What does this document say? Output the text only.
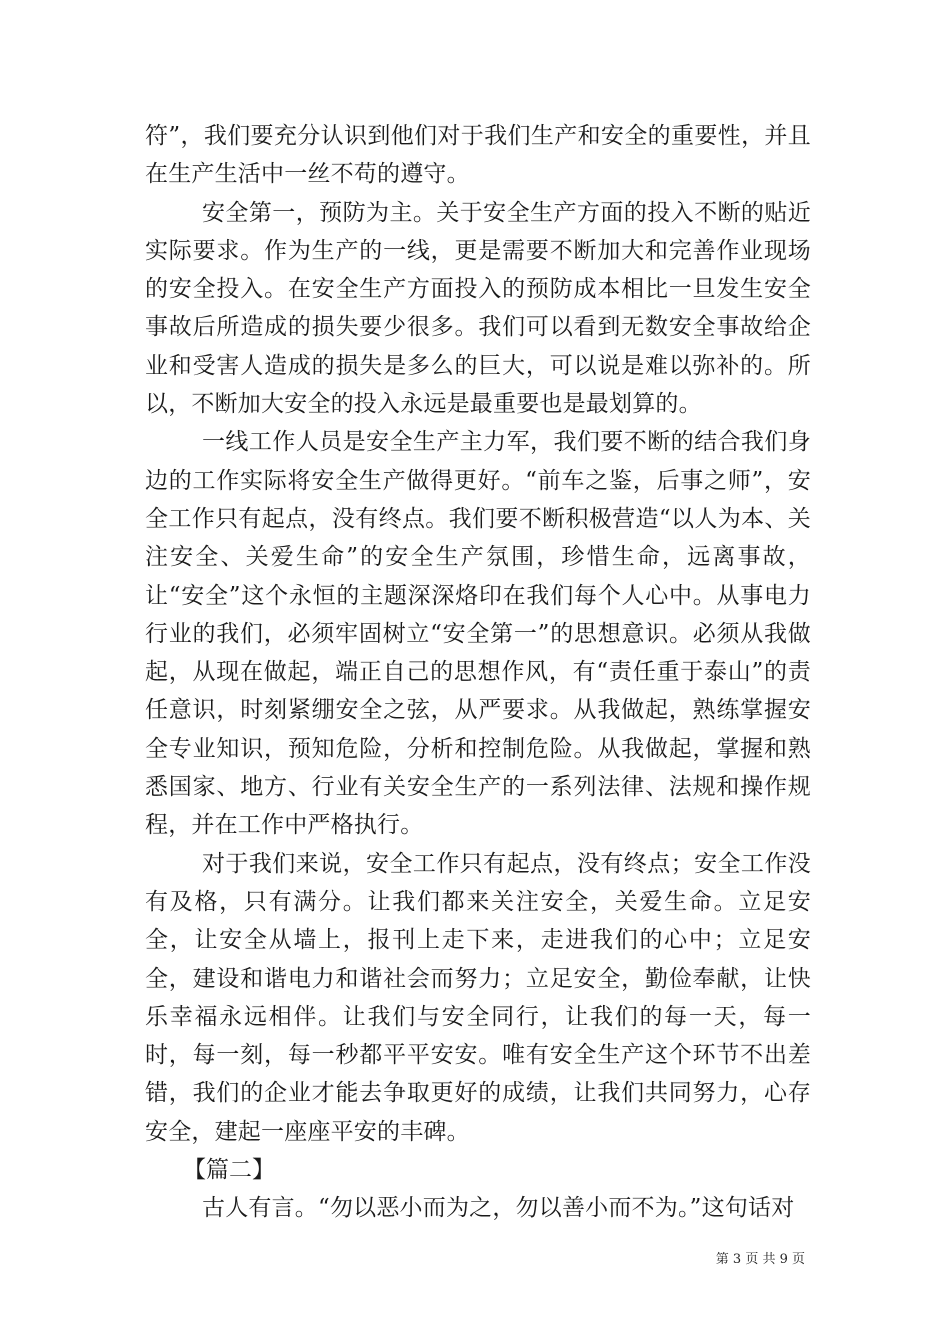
符”，我们要充分认识到他们对于我们生产和安全的重要性，并且在生产生活中一丝不苟的遵守。

安全第一，预防为主。关于安全生产方面的投入不断的贴近实际要求。作为生产的一线，更是需要不断加大和完善作业现场的安全投入。在安全生产方面投入的预防成本相比一旦发生安全事故后所造成的损失要少很多。我们可以看到无数安全事故给企业和受害人造成的损失是多么的巨大，可以说是难以弥补的。所以，不断加大安全的投入永远是最重要也是最划算的。

一线工作人员是安全生产主力军，我们要不断的结合我们身边的工作实际将安全生产做得更好。“前车之鉴，后事之师”，安全工作只有起点，没有终点。我们要不断积极营造“以人为本、关注安全、关爱生命”的安全生产氛围，珍惜生命，远离事故，让“安全”这个永恒的主题深深烙印在我们每个人心中。从事电力行业的我们，必须牢固树立“安全第一”的思想意识。必须从我做起，从现在做起，端正自己的思想作风，有“责任重于泰山”的责任意识，时刻紧绷安全之弦，从严要求。从我做起，熟练掌握安全专业知识，预知危险，分析和控制危险。从我做起，掌握和熟悉国家、地方、行业有关安全生产的一系列法律、法规和操作规程，并在工作中严格执行。

对于我们来说，安全工作只有起点，没有终点；安全工作没有及格，只有满分。让我们都来关注安全，关爱生命。立足安全，让安全从墙上，报刊上走下来，走进我们的心中；立足安全，建设和谐电力和谐社会而努力；立足安全，勤俭奉献，让快乐幸福永远相伴。让我们与安全同行，让我们的每一天，每一时，每一刻，每一秒都平平安安。唯有安全生产这个环节不出差错，我们的企业才能去争取更好的成绩，让我们共同努力，心存安全，建起一座座平安的丰碑。

【篇二】

古人有言。“勿以恶小而为之，勿以善小而不为。”这句话对

第 3 页 共 9 页
